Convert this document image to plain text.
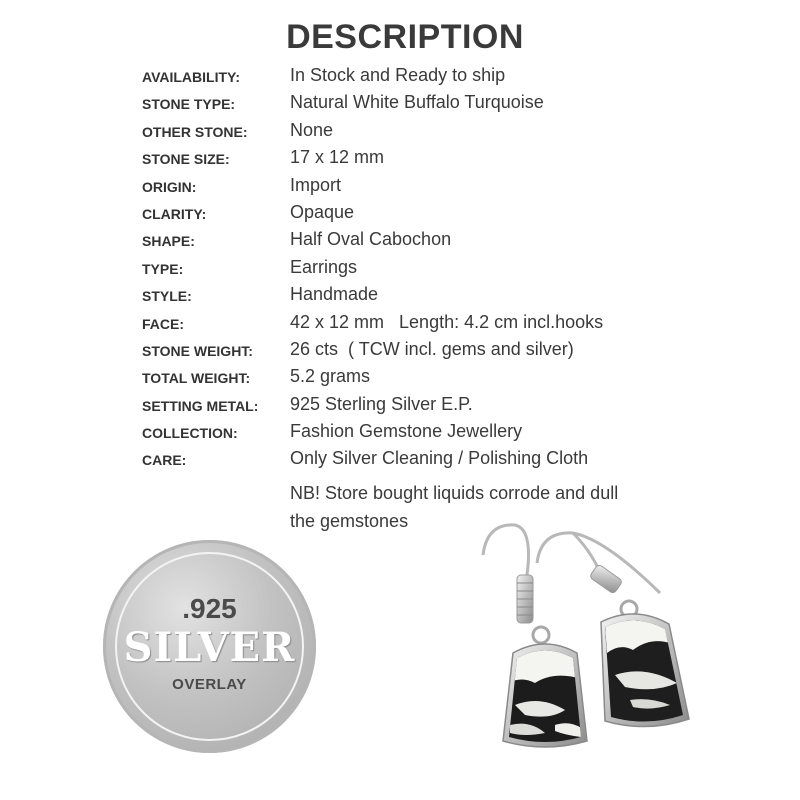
DESCRIPTION
AVAILABILITY:	In Stock and Ready to ship
STONE TYPE:	Natural White Buffalo Turquoise
OTHER STONE: None
STONE SIZE:	17 x 12 mm
ORIGIN:	Import
CLARITY:	Opaque
SHAPE:	Half Oval Cabochon
TYPE:	Earrings
STYLE:	Handmade
FACE:	42 x 12 mm   Length: 4.2 cm incl.hooks
STONE WEIGHT: 26 cts  ( TCW incl. gems and silver)
TOTAL WEIGHT: 5.2 grams
SETTING METAL: 925 Sterling Silver E.P.
COLLECTION:	Fashion Gemstone Jewellery
CARE:	Only Silver Cleaning / Polishing Cloth
NB! Store bought liquids corrode and dull
the gemstones
.925
SILVER
OVERLAY
